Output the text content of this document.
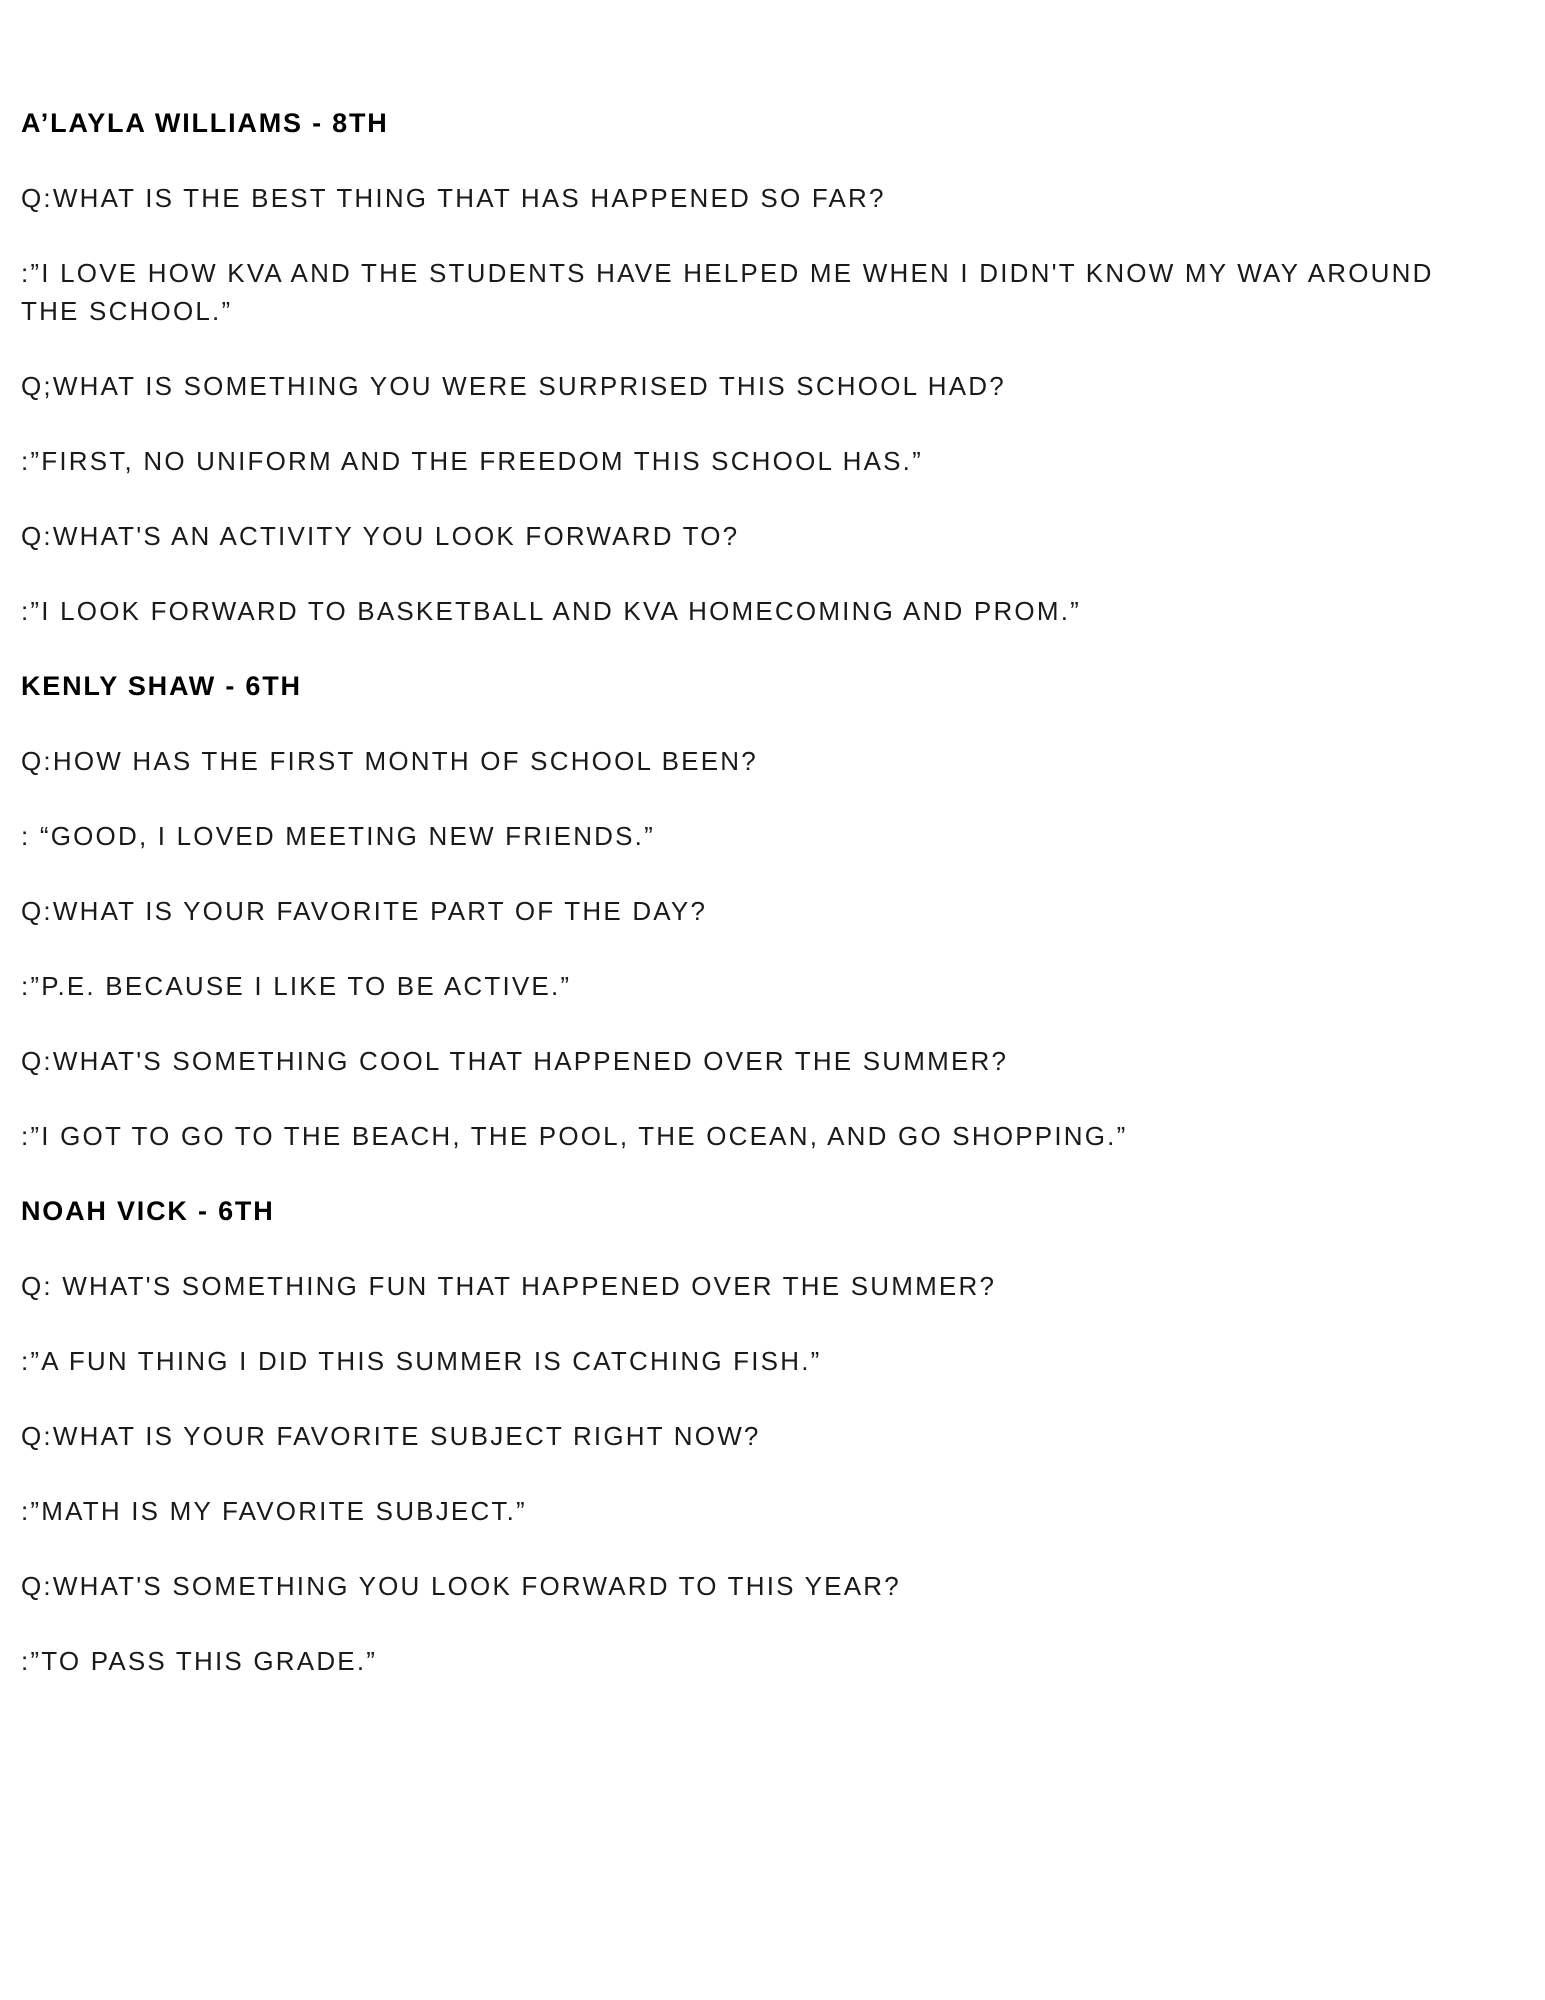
A’LAYLA WILLIAMS - 8TH
Q:WHAT IS THE BEST THING THAT HAS HAPPENED SO FAR?
:”I LOVE HOW KVA AND THE STUDENTS HAVE HELPED ME WHEN I DIDN'T KNOW MY WAY AROUND THE SCHOOL.”
Q;WHAT IS SOMETHING YOU WERE SURPRISED THIS SCHOOL HAD?
:”FIRST, NO UNIFORM AND THE FREEDOM THIS SCHOOL HAS.”
Q:WHAT'S AN ACTIVITY YOU LOOK FORWARD TO?
:”I LOOK FORWARD TO BASKETBALL AND KVA HOMECOMING AND PROM.”
KENLY SHAW - 6TH
Q:HOW HAS THE FIRST MONTH OF SCHOOL BEEN?
: “GOOD, I LOVED MEETING NEW FRIENDS.”
Q:WHAT IS YOUR FAVORITE PART OF THE DAY?
:”P.E. BECAUSE I LIKE TO BE ACTIVE.”
Q:WHAT'S SOMETHING COOL THAT HAPPENED OVER THE SUMMER?
:”I GOT TO GO TO THE BEACH, THE POOL, THE OCEAN, AND GO SHOPPING.”
NOAH VICK - 6TH
Q: WHAT'S SOMETHING FUN THAT HAPPENED OVER THE SUMMER?
:”A FUN THING I DID THIS SUMMER IS CATCHING FISH.”
Q:WHAT IS YOUR FAVORITE SUBJECT RIGHT NOW?
:”MATH IS MY FAVORITE SUBJECT.”
Q:WHAT'S SOMETHING YOU LOOK FORWARD TO THIS YEAR?
:”TO PASS THIS GRADE.”
